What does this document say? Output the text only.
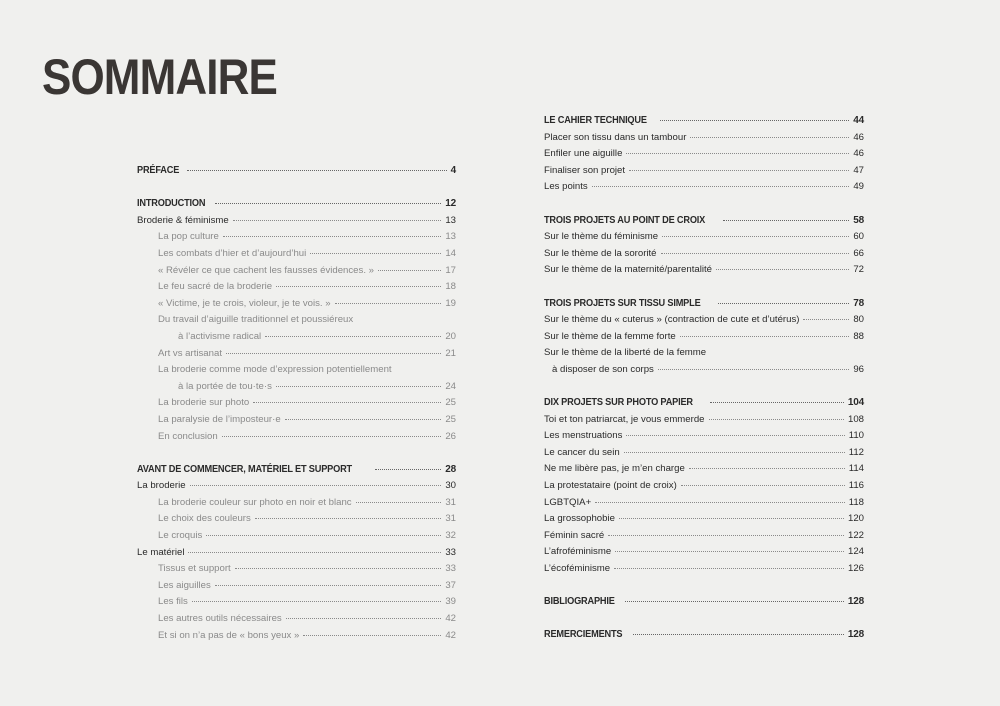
SOMMAIRE
PRÉFACE	4
INTRODUCTION	12
Broderie & féminisme	13
La pop culture	13
Les combats d’hier et d’aujourd’hui	14
« Révéler ce que cachent les fausses évidences. »	17
Le feu sacré de la broderie	18
« Victime, je te crois, violeur, je te vois. »	19
Du travail d’aiguille traditionnel et poussiéreux
à l’activisme radical	20
Art vs artisanat	21
La broderie comme mode d’expression potentiellement
à la portée de tou·te·s	24
La broderie sur photo	25
La paralysie de l’imposteur·e	25
En conclusion	26
AVANT DE COMMENCER, MATÉRIEL ET SUPPORT	28
La broderie	30
La broderie couleur sur photo en noir et blanc	31
Le choix des couleurs	31
Le croquis	32
Le matériel	33
Tissus et support	33
Les aiguilles	37
Les fils	39
Les autres outils nécessaires	42
Et si on n’a pas de « bons yeux »	42
LE CAHIER TECHNIQUE	44
Placer son tissu dans un tambour	46
Enfiler une aiguille	46
Finaliser son projet	47
Les points	49
TROIS PROJETS AU POINT DE CROIX	58
Sur le thème du féminisme	60
Sur le thème de la sororité	66
Sur le thème de la maternité/parentalité	72
TROIS PROJETS SUR TISSU SIMPLE	78
Sur le thème du « cuterus » (contraction de cute et d’utérus)	80
Sur le thème de la femme forte	88
Sur le thème de la liberté de la femme
à disposer de son corps	96
DIX PROJETS SUR PHOTO PAPIER	104
Toi et ton patriarcat, je vous emmerde	108
Les menstruations	110
Le cancer du sein	112
Ne me libère pas, je m’en charge	114
La protestataire (point de croix)	116
LGBTQIA+	118
La grossophobie	120
Féminin sacré	122
L’afroféminisme	124
L’écoféminisme	126
BIBLIOGRAPHIE	128
REMERCIEMENTS	128
